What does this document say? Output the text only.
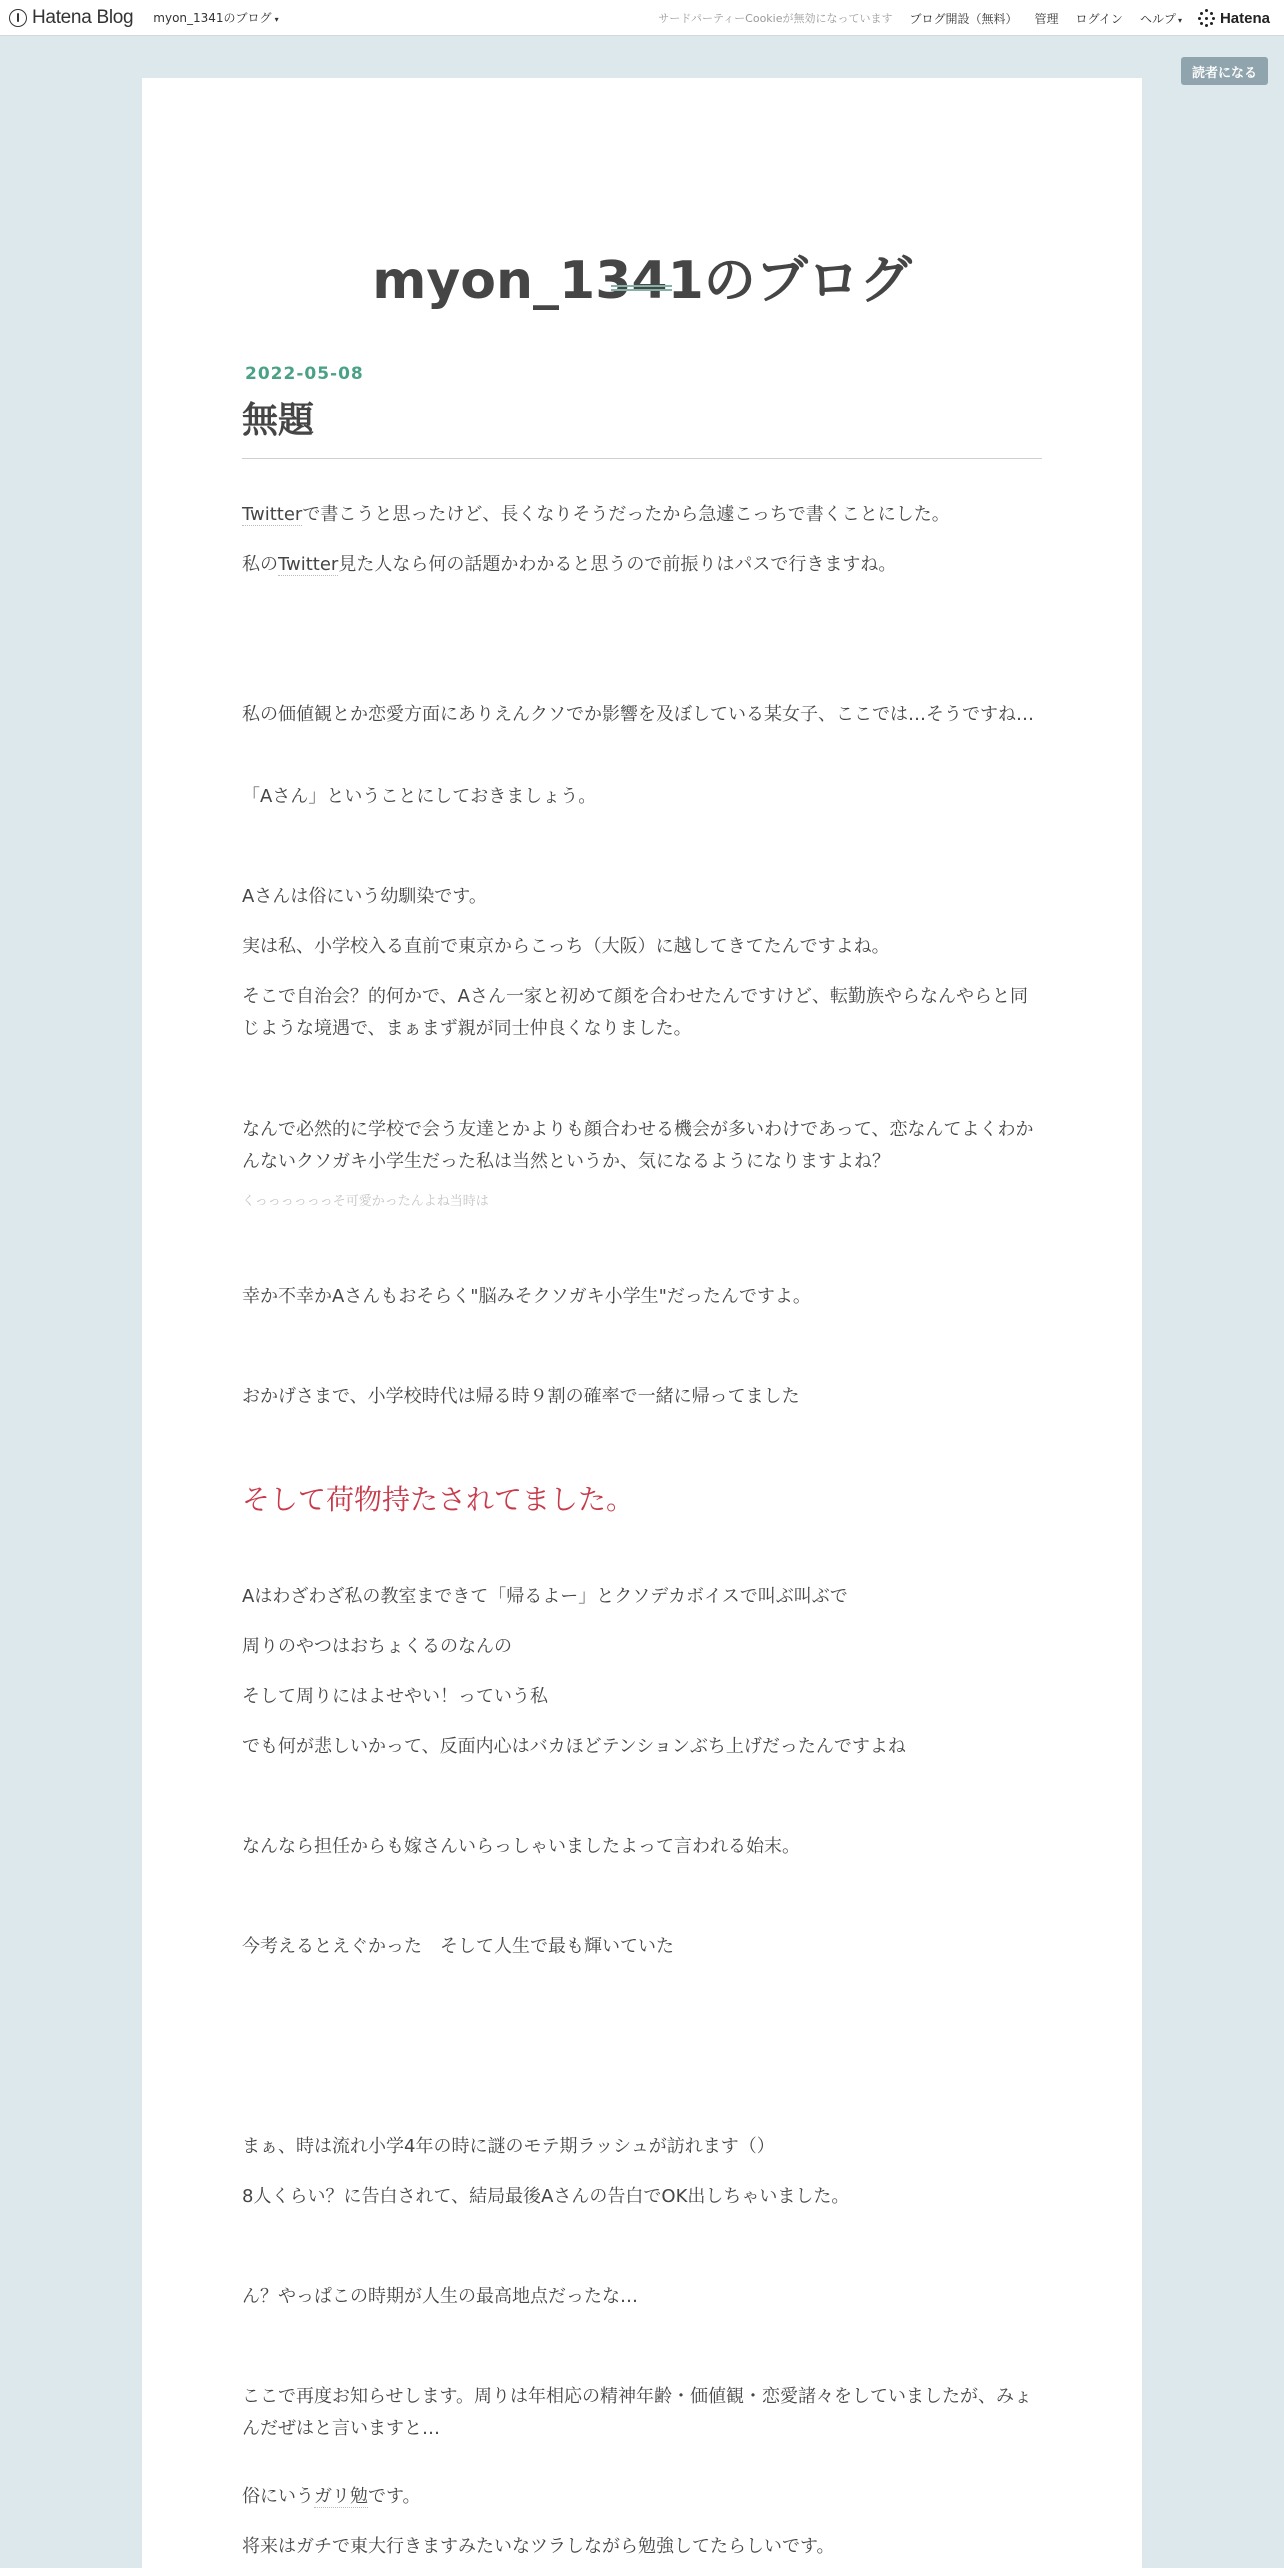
Hatena Blog myon_1341のブログ ▾	サードパーティーCookieが無効になっています ブログ開設（無料） 管理 ログイン ヘルプ ▾	Hatena
読者になる
myon_1341のブログ
2022-05-08
無題
Twitterで書こうと思ったけど、長くなりそうだったから急遽こっちで書くことにした。
私のTwitter見た人なら何の話題かわかると思うので前振りはパスで行きますね。
私の価値観とか恋愛方面にありえんクソでか影響を及ぼしている某女子、ここでは…そうですね…
「Aさん」ということにしておきましょう。
Aさんは俗にいう幼馴染です。
実は私、小学校入る直前で東京からこっち（大阪）に越してきてたんですよね。
そこで自治会？的何かで、Aさん一家と初めて顔を合わせたんですけど、転勤族やらなんやらと同じような境遇で、まぁまず親が同士仲良くなりました。
なんで必然的に学校で会う友達とかよりも顔合わせる機会が多いわけであって、恋なんてよくわかんないクソガキ小学生だった私は当然というか、気になるようになりますよね？
くっっっっっっそ可愛かったんよね当時は
幸か不幸かAさんもおそらく"脳みそクソガキ小学生"だったんですよ。
おかげさまで、小学校時代は帰る時９割の確率で一緒に帰ってました
そして荷物持たされてました。
Aはわざわざ私の教室まできて「帰るよー」とクソデカボイスで叫ぶ叫ぶで
周りのやつはおちょくるのなんの
そして周りにはよせやい！っていう私
でも何が悲しいかって、反面内心はバカほどテンションぶち上げだったんですよね
なんなら担任からも嫁さんいらっしゃいましたよって言われる始末。
今考えるとえぐかった　そして人生で最も輝いていた
まぁ、時は流れ小学4年の時に謎のモテ期ラッシュが訪れます（）
8人くらい？に告白されて、結局最後Aさんの告白でOK出しちゃいました。
ん？やっぱこの時期が人生の最高地点だったな…
ここで再度お知らせします。周りは年相応の精神年齢・価値観・恋愛諸々をしていましたが、みょんだぜはと言いますと…
俗にいうガリ勉です。
将来はガチで東大行きますみたいなツラしながら勉強してたらしいです。
